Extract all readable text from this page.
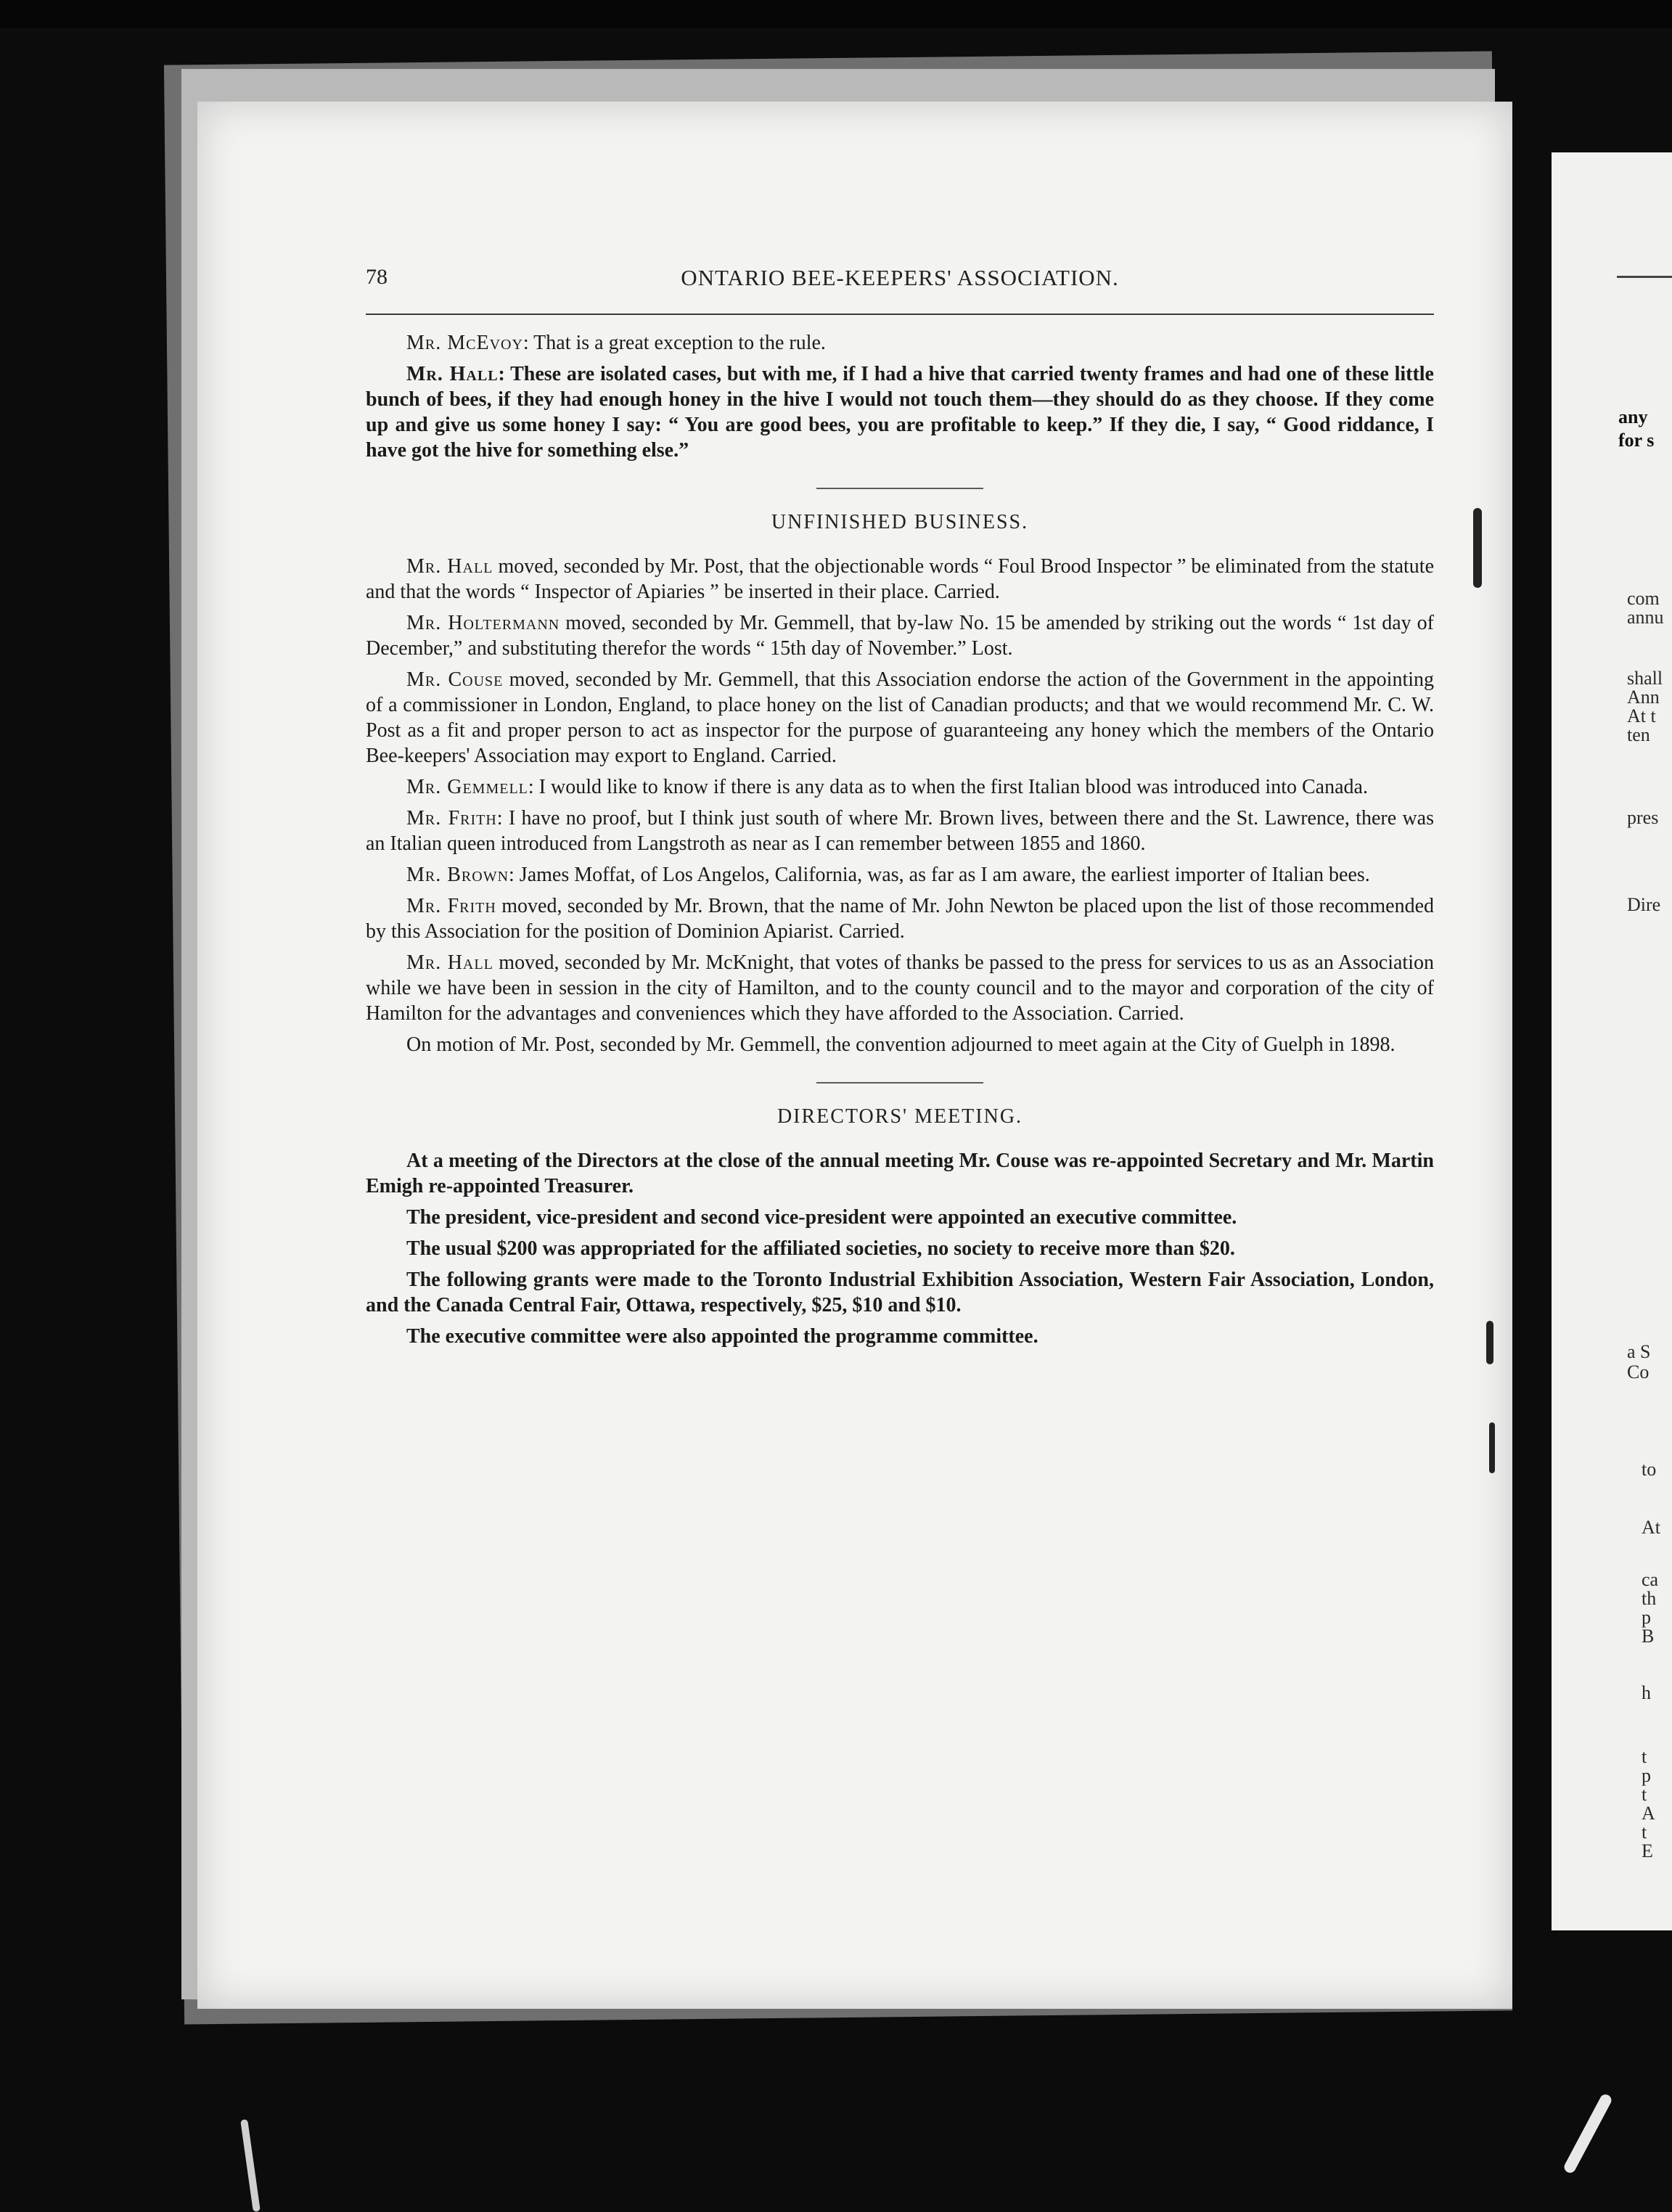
78	ONTARIO BEE-KEEPERS' ASSOCIATION.

Mr. McEvoy: That is a great exception to the rule.

Mr. Hall: These are isolated cases, but with me, if I had a hive that carried twenty frames and had one of these little bunch of bees, if they had enough honey in the hive I would not touch them—they should do as they choose. If they come up and give us some honey I say: “ You are good bees, you are profitable to keep.” If they die, I say, “ Good riddance, I have got the hive for something else.”

UNFINISHED BUSINESS.

Mr. Hall moved, seconded by Mr. Post, that the objectionable words “ Foul Brood Inspector ” be eliminated from the statute and that the words “ Inspector of Apiaries ” be inserted in their place. Carried.

Mr. Holtermann moved, seconded by Mr. Gemmell, that by-law No. 15 be amended by striking out the words “ 1st day of December,” and substituting therefor the words “ 15th day of November.” Lost.

Mr. Couse moved, seconded by Mr. Gemmell, that this Association endorse the action of the Government in the appointing of a commissioner in London, England, to place honey on the list of Canadian products; and that we would recommend Mr. C. W. Post as a fit and proper person to act as inspector for the purpose of guaranteeing any honey which the members of the Ontario Bee-keepers' Association may export to England. Carried.

Mr. Gemmell: I would like to know if there is any data as to when the first Italian blood was introduced into Canada.

Mr. Frith: I have no proof, but I think just south of where Mr. Brown lives, between there and the St. Lawrence, there was an Italian queen introduced from Langstroth as near as I can remember between 1855 and 1860.

Mr. Brown: James Moffat, of Los Angelos, California, was, as far as I am aware, the earliest importer of Italian bees.

Mr. Frith moved, seconded by Mr. Brown, that the name of Mr. John Newton be placed upon the list of those recommended by this Association for the position of Dominion Apiarist. Carried.

Mr. Hall moved, seconded by Mr. McKnight, that votes of thanks be passed to the press for services to us as an Association while we have been in session in the city of Hamilton, and to the county council and to the mayor and corporation of the city of Hamilton for the advantages and conveniences which they have afforded to the Association. Carried.

On motion of Mr. Post, seconded by Mr. Gemmell, the convention adjourned to meet again at the City of Guelph in 1898.

DIRECTORS' MEETING.

At a meeting of the Directors at the close of the annual meeting Mr. Couse was re-appointed Secretary and Mr. Martin Emigh re-appointed Treasurer.

The president, vice-president and second vice-president were appointed an executive committee.

The usual $200 was appropriated for the affiliated societies, no society to receive more than $20.

The following grants were made to the Toronto Industrial Exhibition Association, Western Fair Association, London, and the Canada Central Fair, Ottawa, respectively, $25, $10 and $10.

The executive committee were also appointed the programme committee.

any
for s
com
annu
shall
Ann
At t
ten
pres
Dire
a S
Co
to
At
ca
th
p
B
h
t
p
t
A
t
E
